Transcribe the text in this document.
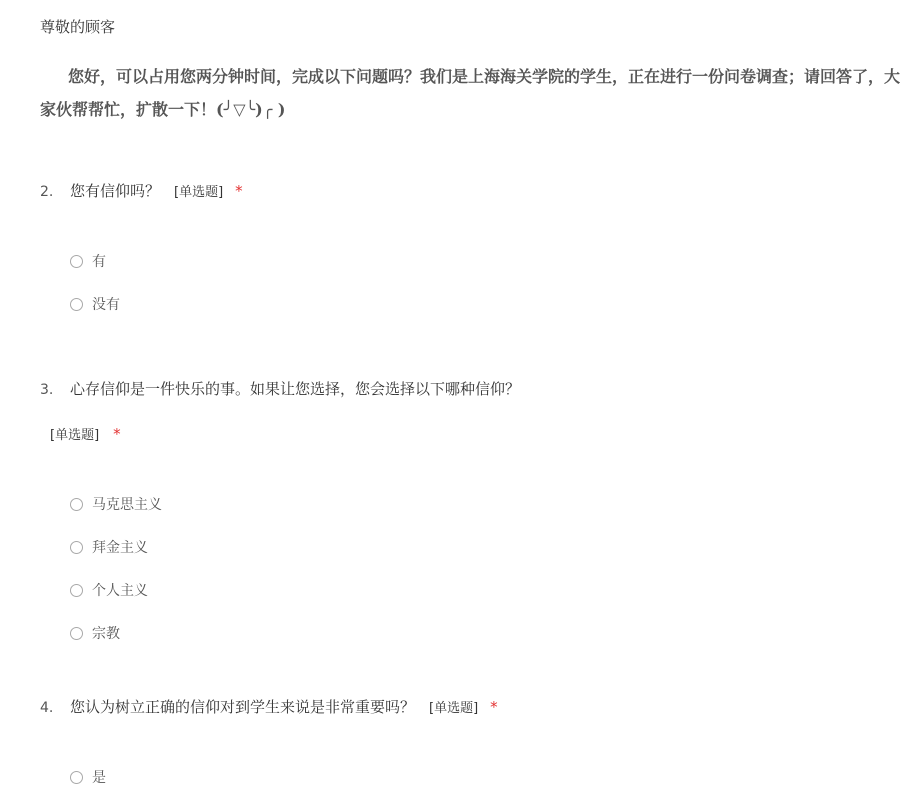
尊敬的顾客
您好，可以占用您两分钟时间，完成以下问题吗？我们是上海海关学院的学生，正在进行一份问卷调查；请回答了，大家伙帮帮忙，扩散一下！(╯▽╰)╭ )
2. 您有信仰吗？ [单选题] *
有
没有
3. 心存信仰是一件快乐的事。如果让您选择，您会选择以下哪种信仰？
[单选题] *
马克思主义
拜金主义
个人主义
宗教
4. 您认为树立正确的信仰对到学生来说是非常重要吗？ [单选题] *
是
